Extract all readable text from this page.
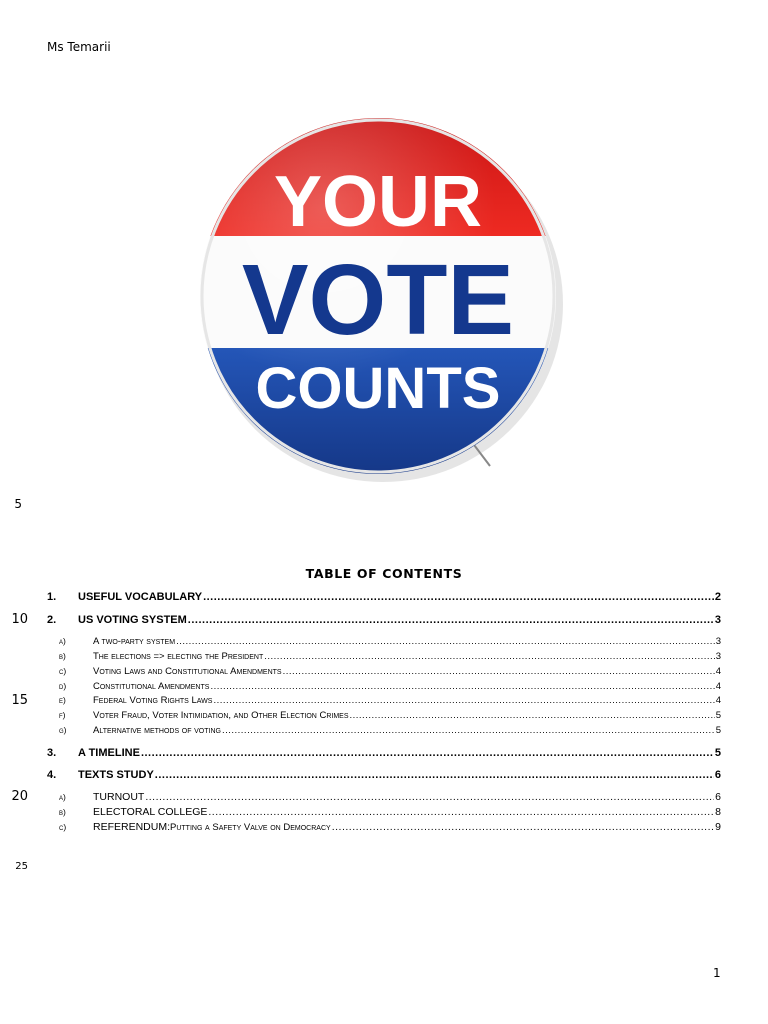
Ms Temarii
YOUR
VOTE
COUNTS
5
10
15
20
25
TABLE OF CONTENTS
1.	USEFUL VOCABULARY .....	2
2.	US VOTING SYSTEM .....	3
a)	A two-party system .....	3
b)	The elections => electing the President .....	3
c)	Voting Laws and Constitutional Amendments .....	4
d)	Constitutional Amendments .....	4
e)	Federal Voting Rights Laws .....	4
f)	Voter Fraud, Voter Intimidation, and Other Election Crimes .....	5
g)	Alternative methods of voting .....	5
3.	A TIMELINE .....	5
4.	TEXTS STUDY .....	6
a)	TURNOUT .....	6
b)	ELECTORAL COLLEGE .....	8
c)	REFERENDUM: Putting a Safety Valve on Democracy .....	9
1
